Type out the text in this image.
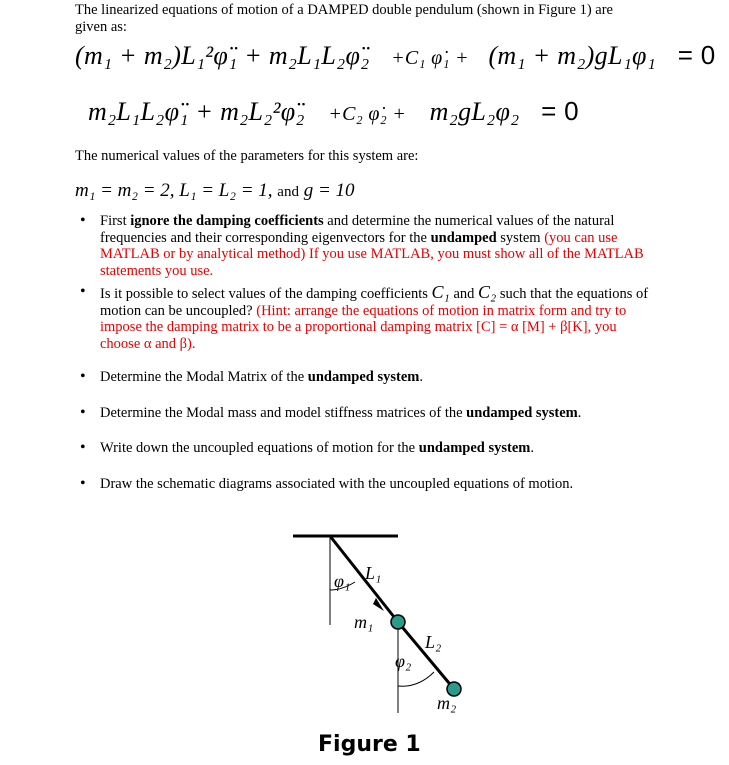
The linearized equations of motion of a DAMPED double pendulum (shown in Figure 1) are
given as:
(m₁ + m₂)L₁²φ̈₁ + m₂L₁L₂φ̈₂ +C₁ φ̇₁ + (m₁ + m₂)gL₁φ₁ = 0
m₂L₁L₂φ̈₁ + m₂L₂²φ̈₂ +C₂ φ̇₂ + m₂gL₂φ₂ = 0
The numerical values of the parameters for this system are:
m₁ = m₂ = 2, L₁ = L₂ = 1, and g = 10
• First ignore the damping coefficients and determine the numerical values of the natural frequencies and their corresponding eigenvectors for the undamped system (you can use MATLAB or by analytical method) If you use MATLAB, you must show all of the MATLAB statements you use.
• Is it possible to select values of the damping coefficients C₁ and C₂ such that the equations of motion can be uncoupled? (Hint: arrange the equations of motion in matrix form and try to impose the damping matrix to be a proportional damping matrix [C] = α [M] + β[K], you choose α and β).
• Determine the Modal Matrix of the undamped system.
• Determine the Modal mass and model stiffness matrices of the undamped system.
• Write down the uncoupled equations of motion for the undamped system.
• Draw the schematic diagrams associated with the uncoupled equations of motion.
φ₁ L₁
m₁
L₂
φ₂
m₂
Figure 1
